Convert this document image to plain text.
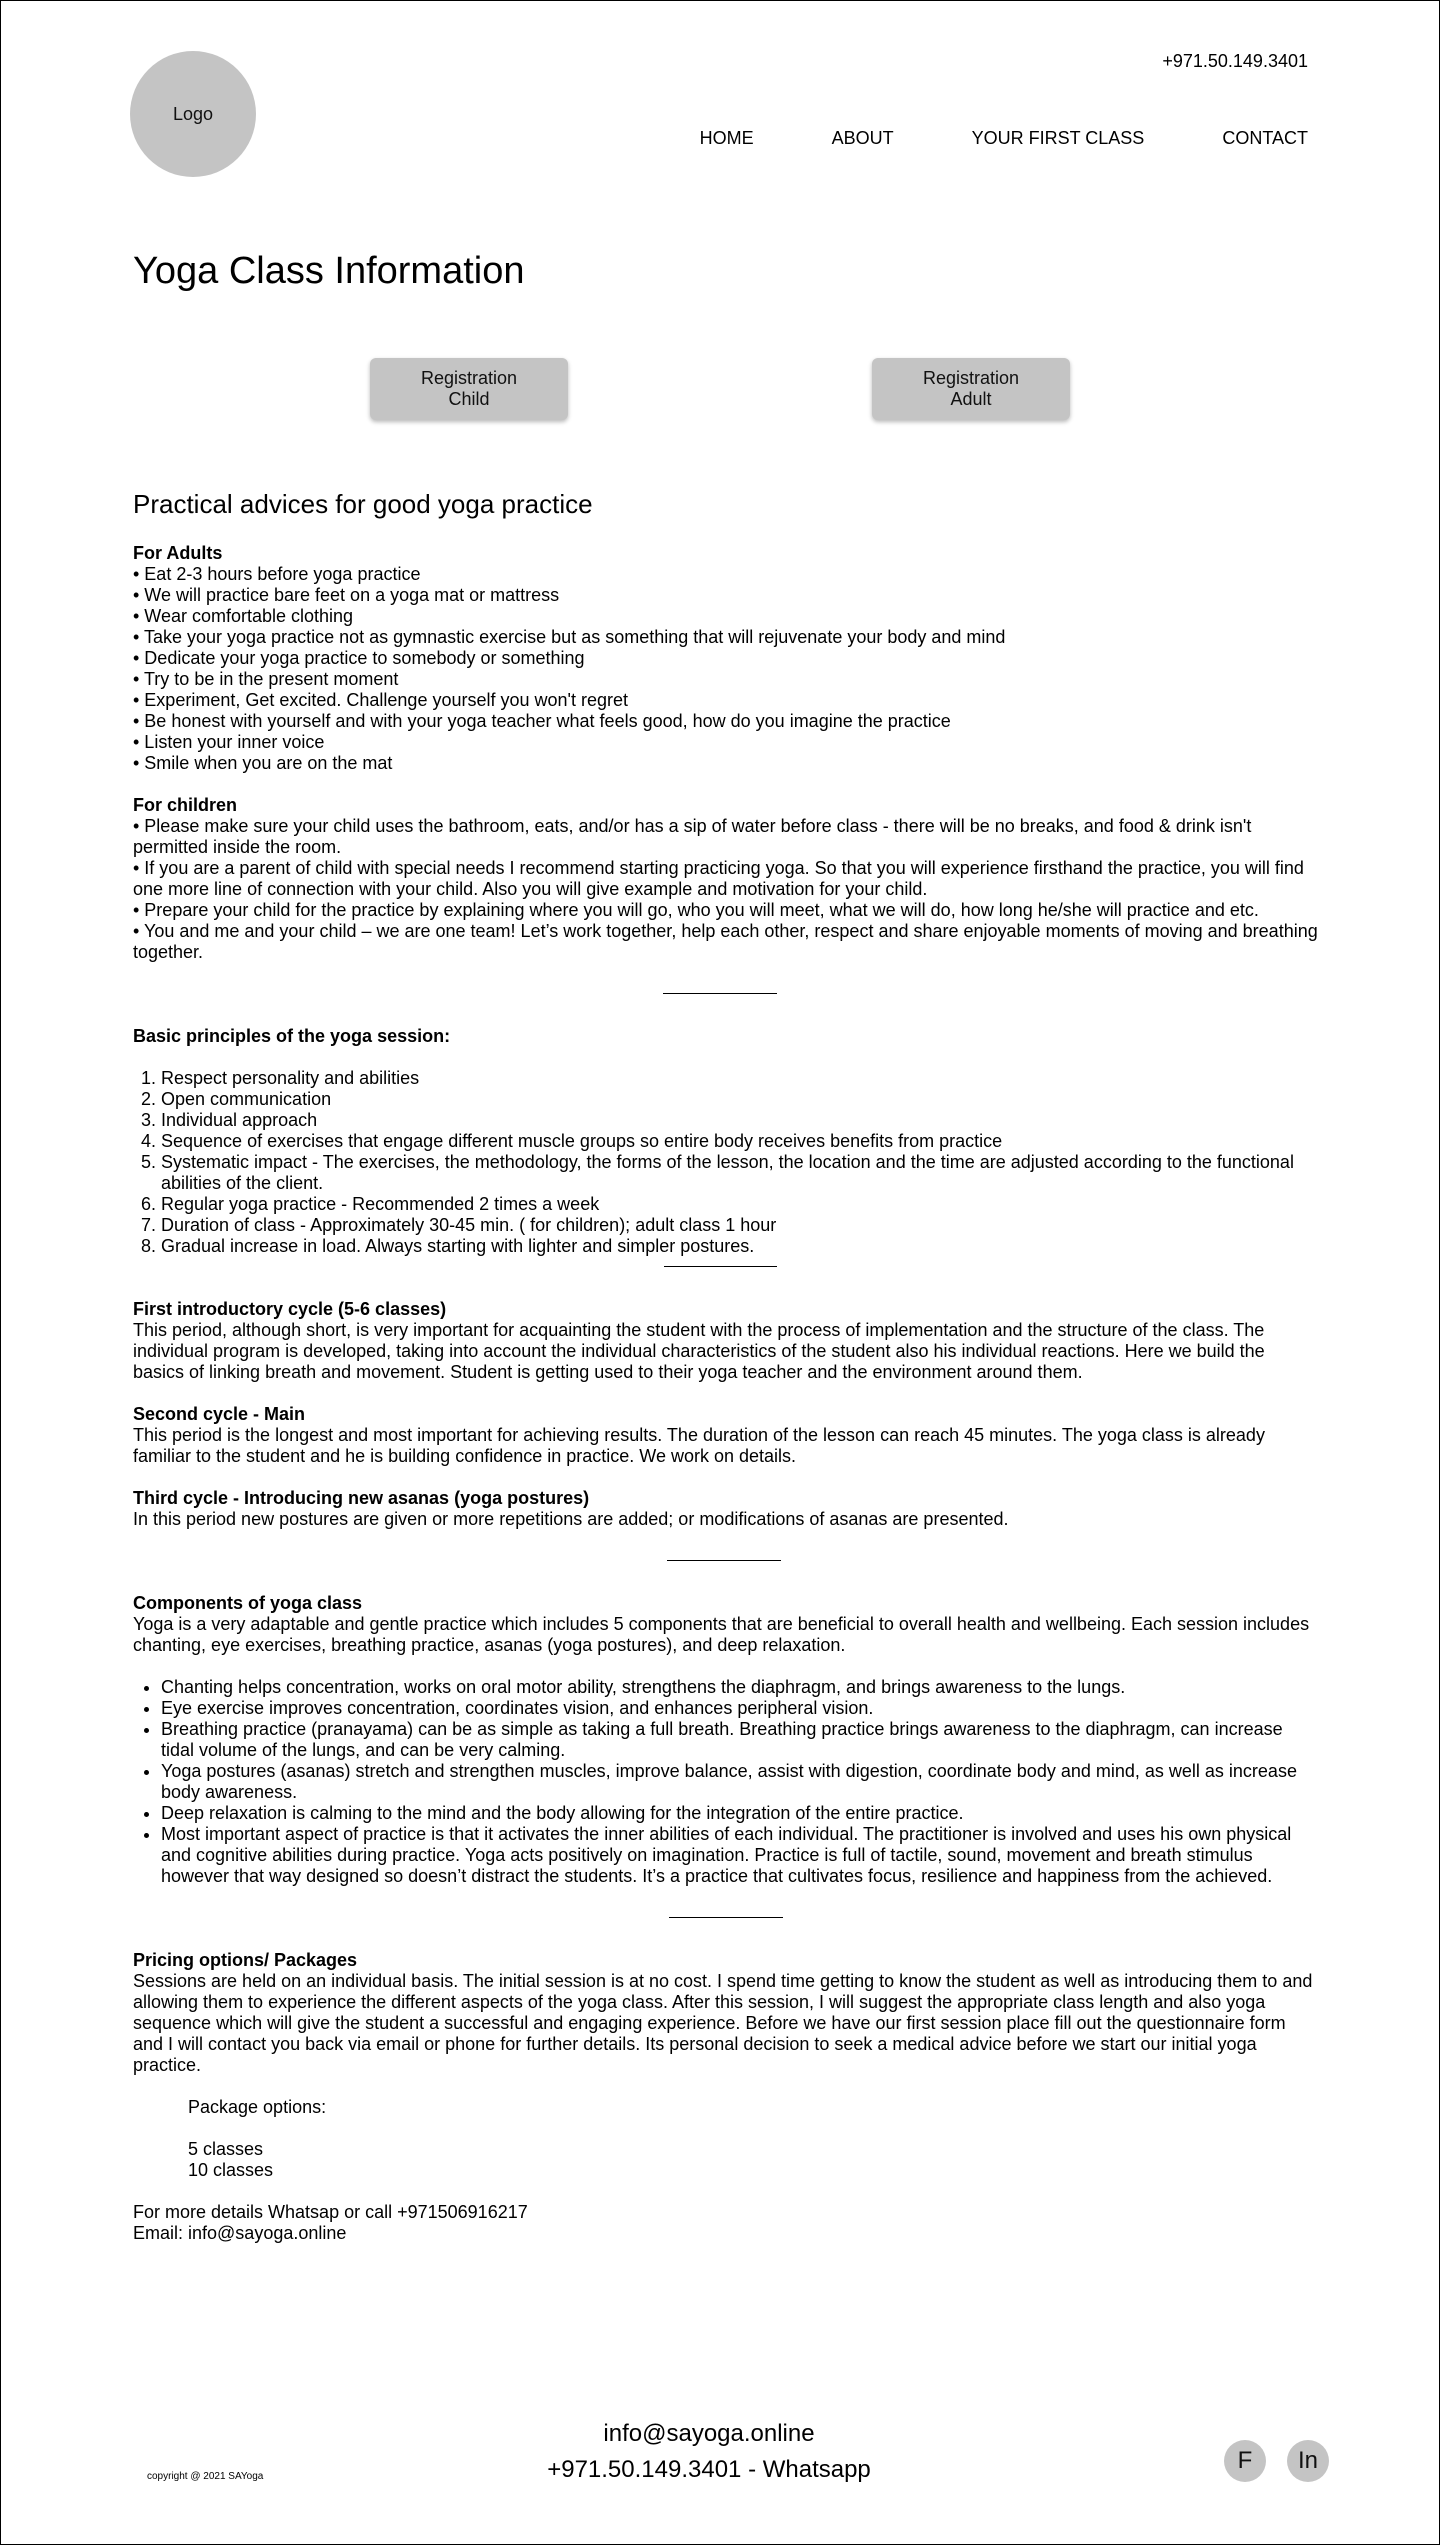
Logo
+971.50.149.3401
HOME	ABOUT	YOUR FIRST CLASS	CONTACT
Yoga Class Information
Registration
Child
Registration
Adult
Practical advices for good yoga practice

For Adults

• Eat 2-3 hours before yoga practice

• We will practice bare feet on a yoga mat or mattress

• Wear comfortable clothing

• Take your yoga practice not as gymnastic exercise but as something that will rejuvenate your body and mind

• Dedicate your yoga practice to somebody or something

• Try to be in the present moment

• Experiment, Get excited. Challenge yourself you won't regret

• Be honest with yourself and with your yoga teacher what feels good, how do you imagine the practice

• Listen your inner voice

• Smile when you are on the mat

For children

• Please make sure your child uses the bathroom, eats, and/or has a sip of water before class - there will be no breaks, and food & drink isn't permitted inside the room.

• If you are a parent of child with special needs I recommend starting practicing yoga. So that you will experience firsthand the practice, you will find one more line of connection with your child. Also you will give example and motivation for your child.

• Prepare your child for the practice by explaining where you will go, who you will meet, what we will do, how long he/she will practice and etc.

• You and me and your child – we are one team! Let’s work together, help each other, respect and share enjoyable moments of moving and breathing together.

Basic principles of the yoga session:

1. Respect personality and abilities
2. Open communication
3. Individual approach
4. Sequence of exercises that engage different muscle groups so entire body receives benefits from practice
5. Systematic impact - The exercises, the methodology, the forms of the lesson, the location and the time are adjusted according to the functional abilities of the client.
6. Regular yoga practice - Recommended 2 times a week
7. Duration of class - Approximately 30-45 min. ( for children); adult class 1 hour
8. Gradual increase in load. Always starting with lighter and simpler postures.

First introductory cycle (5-6 classes)

This period, although short, is very important for acquainting the student with the process of implementation and the structure of the class. The individual program is developed, taking into account the individual characteristics of the student also his individual reactions. Here we build the basics of linking breath and movement. Student is getting used to their yoga teacher and the environment around them.

Second cycle - Main

This period is the longest and most important for achieving results. The duration of the lesson can reach 45 minutes. The yoga class is already familiar to the student and he is building confidence in practice. We work on details.

Third cycle - Introducing new asanas (yoga postures)

In this period new postures are given or more repetitions are added; or modifications of asanas are presented.

Components of yoga class

Yoga is a very adaptable and gentle practice which includes 5 components that are beneficial to overall health and wellbeing. Each session includes chanting, eye exercises, breathing practice, asanas (yoga postures), and deep relaxation.

• Chanting helps concentration, works on oral motor ability, strengthens the diaphragm, and brings awareness to the lungs.
• Eye exercise improves concentration, coordinates vision, and enhances peripheral vision.
• Breathing practice (pranayama) can be as simple as taking a full breath. Breathing practice brings awareness to the diaphragm, can increase tidal volume of the lungs, and can be very calming.
• Yoga postures (asanas) stretch and strengthen muscles, improve balance, assist with digestion, coordinate body and mind, as well as increase body awareness.
• Deep relaxation is calming to the mind and the body allowing for the integration of the entire practice.
• Most important aspect of practice is that it activates the inner abilities of each individual. The practitioner is involved and uses his own physical and cognitive abilities during practice. Yoga acts positively on imagination. Practice is full of tactile, sound, movement and breath stimulus however that way designed so doesn’t distract the students. It’s a practice that cultivates focus, resilience and happiness from the achieved.

Pricing options/ Packages

Sessions are held on an individual basis. The initial session is at no cost. I spend time getting to know the student as well as introducing them to and allowing them to experience the different aspects of the yoga class. After this session, I will suggest the appropriate class length and also yoga sequence which will give the student a successful and engaging experience. Before we have our first session place fill out the questionnaire form and I will contact you back via email or phone for further details. Its personal decision to seek a medical advice before we start our initial yoga practice.

Package options:

5 classes

10 classes

For more details Whatsap or call +971506916217

Email: info@sayoga.online

info@sayoga.online
+971.50.149.3401 - Whatsapp
copyright @ 2021 SAYoga
F In
